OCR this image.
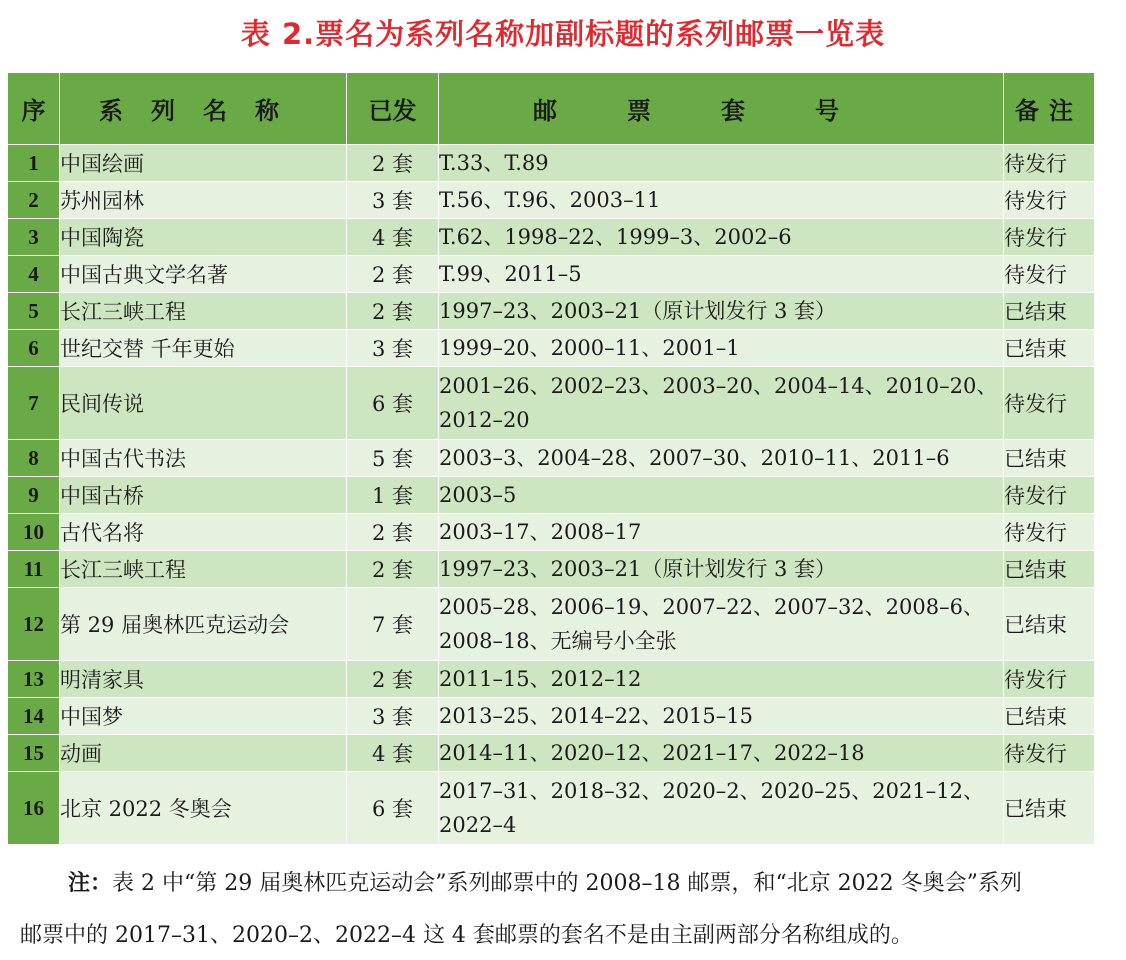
表 2.票名为系列名称加副标题的系列邮票一览表
序	系列名称	已发	邮票套号	备注
1	中国绘画	2 套	T.33、T.89	待发行
2	苏州园林	3 套	T.56、T.96、2003–11	待发行
3	中国陶瓷	4 套	T.62、1998–22、1999–3、2002–6	待发行
4	中国古典文学名著	2 套	T.99、2011–5	待发行
5	长江三峡工程	2 套	1997–23、2003–21（原计划发行 3 套）	已结束
6	世纪交替 千年更始	3 套	1999–20、2000–11、2001–1	已结束
7	民间传说	6 套	2001–26、2002–23、2003–20、2004–14、2010–20、2012–20	待发行
8	中国古代书法	5 套	2003–3、2004–28、2007–30、2010–11、2011–6	已结束
9	中国古桥	1 套	2003–5	待发行
10	古代名将	2 套	2003–17、2008–17	待发行
11	长江三峡工程	2 套	1997–23、2003–21（原计划发行 3 套）	已结束
12	第 29 届奥林匹克运动会	7 套	2005–28、2006–19、2007–22、2007–32、2008–6、2008–18、无编号小全张	已结束
13	明清家具	2 套	2011–15、2012–12	待发行
14	中国梦	3 套	2013–25、2014–22、2015–15	已结束
15	动画	4 套	2014–11、2020–12、2021–17、2022–18	待发行
16	北京 2022 冬奥会	6 套	2017–31、2018–32、2020–2、2020–25、2021–12、2022–4	已结束
注：表 2 中“第 29 届奥林匹克运动会”系列邮票中的 2008–18 邮票，和“北京 2022 冬奥会”系列
邮票中的 2017–31、2020–2、2022–4 这 4 套邮票的套名不是由主副两部分名称组成的。
